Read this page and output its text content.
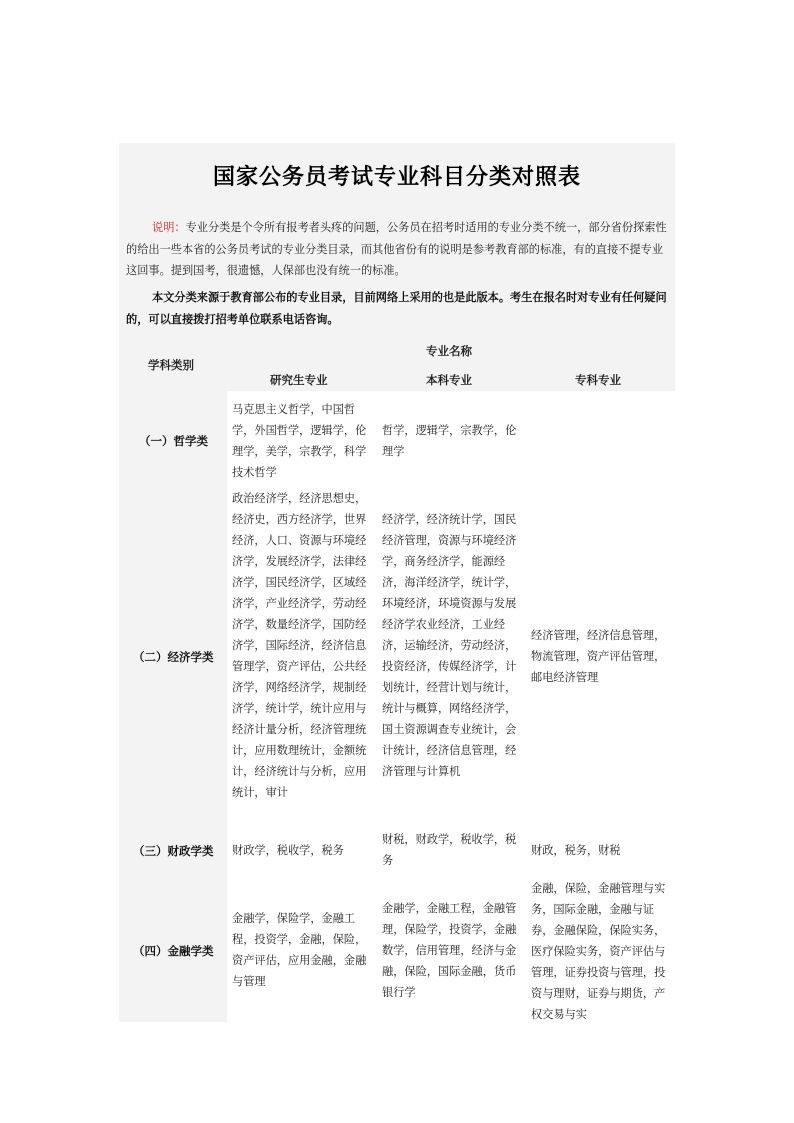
国家公务员考试专业科目分类对照表
说明：专业分类是个令所有报考者头疼的问题，公务员在招考时适用的专业分类不统一，部分省份探索性的给出一些本省的公务员考试的专业分类目录，而其他省份有的说明是参考教育部的标准，有的直接不提专业这回事。提到国考，很遗憾，人保部也没有统一的标准。
本文分类来源于教育部公布的专业目录，目前网络上采用的也是此版本。考生在报名时对专业有任何疑问的，可以直接拨打招考单位联系电话咨询。
学科类别
专业名称
研究生专业	本科专业	专科专业
（一）哲学类
马克思主义哲学，中国哲学，外国哲学，逻辑学，伦理学，美学，宗教学，科学技术哲学
哲学，逻辑学，宗教学，伦理学
（二）经济学类
政治经济学，经济思想史，经济史，西方经济学，世界经济，人口、资源与环境经济学，发展经济学，法律经济学，国民经济学，区域经济学，产业经济学，劳动经济学，数量经济学，国防经济学，国际经济，经济信息管理学，资产评估，公共经济学，网络经济学，规制经济学，统计学，统计应用与经济计量分析，经济管理统计，应用数理统计，金额统计，经济统计与分析，应用统计，审计
经济学，经济统计学，国民经济管理，资源与环境经济学，商务经济学，能源经济，海洋经济学，统计学，环境经济，环境资源与发展经济学农业经济，工业经济，运输经济，劳动经济，投资经济，传媒经济学，计划统计，经营计划与统计，统计与概算，网络经济学，国土资源调查专业统计，会计统计，经济信息管理，经济管理与计算机
经济管理，经济信息管理，物流管理，资产评估管理，邮电经济管理
（三）财政学类 财政学，税收学，税务
财税，财政学，税收学，税务
财政，税务，财税
（四）金融学类
金融学，保险学，金融工程，投资学，金融，保险，资产评估，应用金融，金融与管理
金融学，金融工程，金融管理，保险学，投资学，金融数学，信用管理，经济与金融，保险，国际金融，货币银行学
金融，保险，金融管理与实务，国际金融，金融与证券，金融保险，保险实务，医疗保险实务，资产评估与管理，证券投资与管理，投资与理财，证券与期货，产权交易与实
